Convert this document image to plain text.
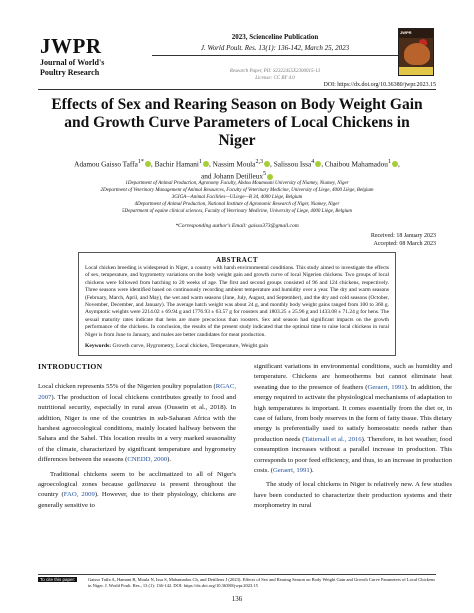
JWPR
Journal of World's
Poultry Research
2023, Scienceline Publication
J. World Poult. Res. 13(1): 136-142, March 25, 2023
Research Paper, PII: S2322455X2300015-13
License: CC BY 4.0
DOI: https://dx.doi.org/10.36380/jwpr.2023.15
JWPR
Effects of Sex and Rearing Season on Body Weight Gain and Growth Curve Parameters of Local Chickens in Niger
Adamou Gaisso Taffa$^{1*}$ , Bachir Hamani$^1$ , Nassim Moula$^{2,3}$ , Salissou Issa$^4$ , Chaibou Mahamadou$^1$ ,
and Johann Detilleux$^5$
1Department of Animal Production, Agronomy Faculty, Abdou Moumouni University of Niamey, Niamey, Niger
2Department of Veterinary Management of Animal Resources, Faculty of Veterinary Medicine, University of Liege, 4000 Liège, Belgium
3GIGA—Animal Facilities—ULiege—B 34, 4000 Liège, Belgium
4Department of Animal Production, National Institute of Agronomic Research of Niger, Niamey, Niger
5Department of equine clinical sciences, Faculty of Veterinary Medicine, University of Liege, 4000 Liège, Belgium
*Corresponding author's Email: gaisso373@gmail.com
Received: 18 January 2023
Accepted: 08 March 2023
ABSTRACT
Local chicken breeding is widespread in Niger, a country with harsh environmental conditions. This study aimed to investigate the effects of sex, temperature, and hygrometry variations on the body weight gain and growth curve of local Nigerien chickens. Two groups of local chickens were followed from hatching to 20 weeks of age. The first and second groups consisted of 96 and 124 chickens, respectively. Three seasons were identified based on continuously recording ambient temperature and humidity over a year. The dry and warm seasons (February, March, April, and May), the wet and warm seasons (June, July, August, and September), and the dry and cold seasons (October, November, December, and January). The average hatch weight was about 24 g, and monthly body weight gains ranged from 100 to 360 g. Asymptotic weights were 2214.02 ± 69.94 g and 1776.93 ± 63.57 g for roosters and 1803.25 ± 25.96 g and 1433.08 ± 71.24 g for hens. The sexual maturity rates indicate that hens are more precocious than roosters. Sex and season had significant impacts on the growth performance of the chickens. In conclusion, the results of the present study indicated that the optimal time to raise local chickens in rural Niger is from June to January, and males are better candidates for meat production.
Keywords: Growth curve, Hygrometry, Local chicken, Temperature, Weight gain
INTRODUCTION

Local chicken represents 55% of the Nigerien poultry population (RGAC, 2007). The production of local chickens contributes greatly to food and nutritional security, especially in rural areas (Oussein et al., 2018). In addition, Niger is one of the countries in sub-Saharan Africa with the harshest agroecological conditions, mainly located halfway between the Sahara and the Sahel. This location results in a very marked seasonality of the climate, characterized by significant temperature and hygrometry differences between the seasons (CNEDD, 2000).

Traditional chickens seem to be acclimatized to all of Niger's agroecological zones because gallinacea is present throughout the country (FAO, 2009). However, due to their physiology, chickens are generally sensitive to

significant variations in environmental conditions, such as humidity and temperature. Chickens are homeotherms but cannot eliminate heat sweating due to the presence of feathers (Geraert, 1991). In addition, the energy required to activate the physiological mechanisms of adaptation to high temperatures is important. It comes essentially from the diet or, in case of failure, from body reserves in the form of fatty tissue. This dietary energy is preferentially used to satisfy homeostatic needs rather than production needs (Tattersall et al., 2016). Therefore, in hot weather, food consumption increases without a parallel increase in production. This corresponds to poor feed efficiency, and thus, to an increase in production costs. (Geraert, 1991).

The study of local chickens in Niger is relatively new. A few studies have been conducted to characterize their production systems and their morphometry in rural

To cite this paper:	Gaisso Taffa A, Hamani B, Moula N, Issa S, Mahamadou Ch, and Detilleux J (2023). Effects of Sex and Rearing Season on Body Weight Gain and Growth Curve Parameters of Local Chickens in Niger. J. World Poult. Res., 13 (1): 136-142. DOI: https://dx.doi.org/10.36380/jwpr.2023.15
136
